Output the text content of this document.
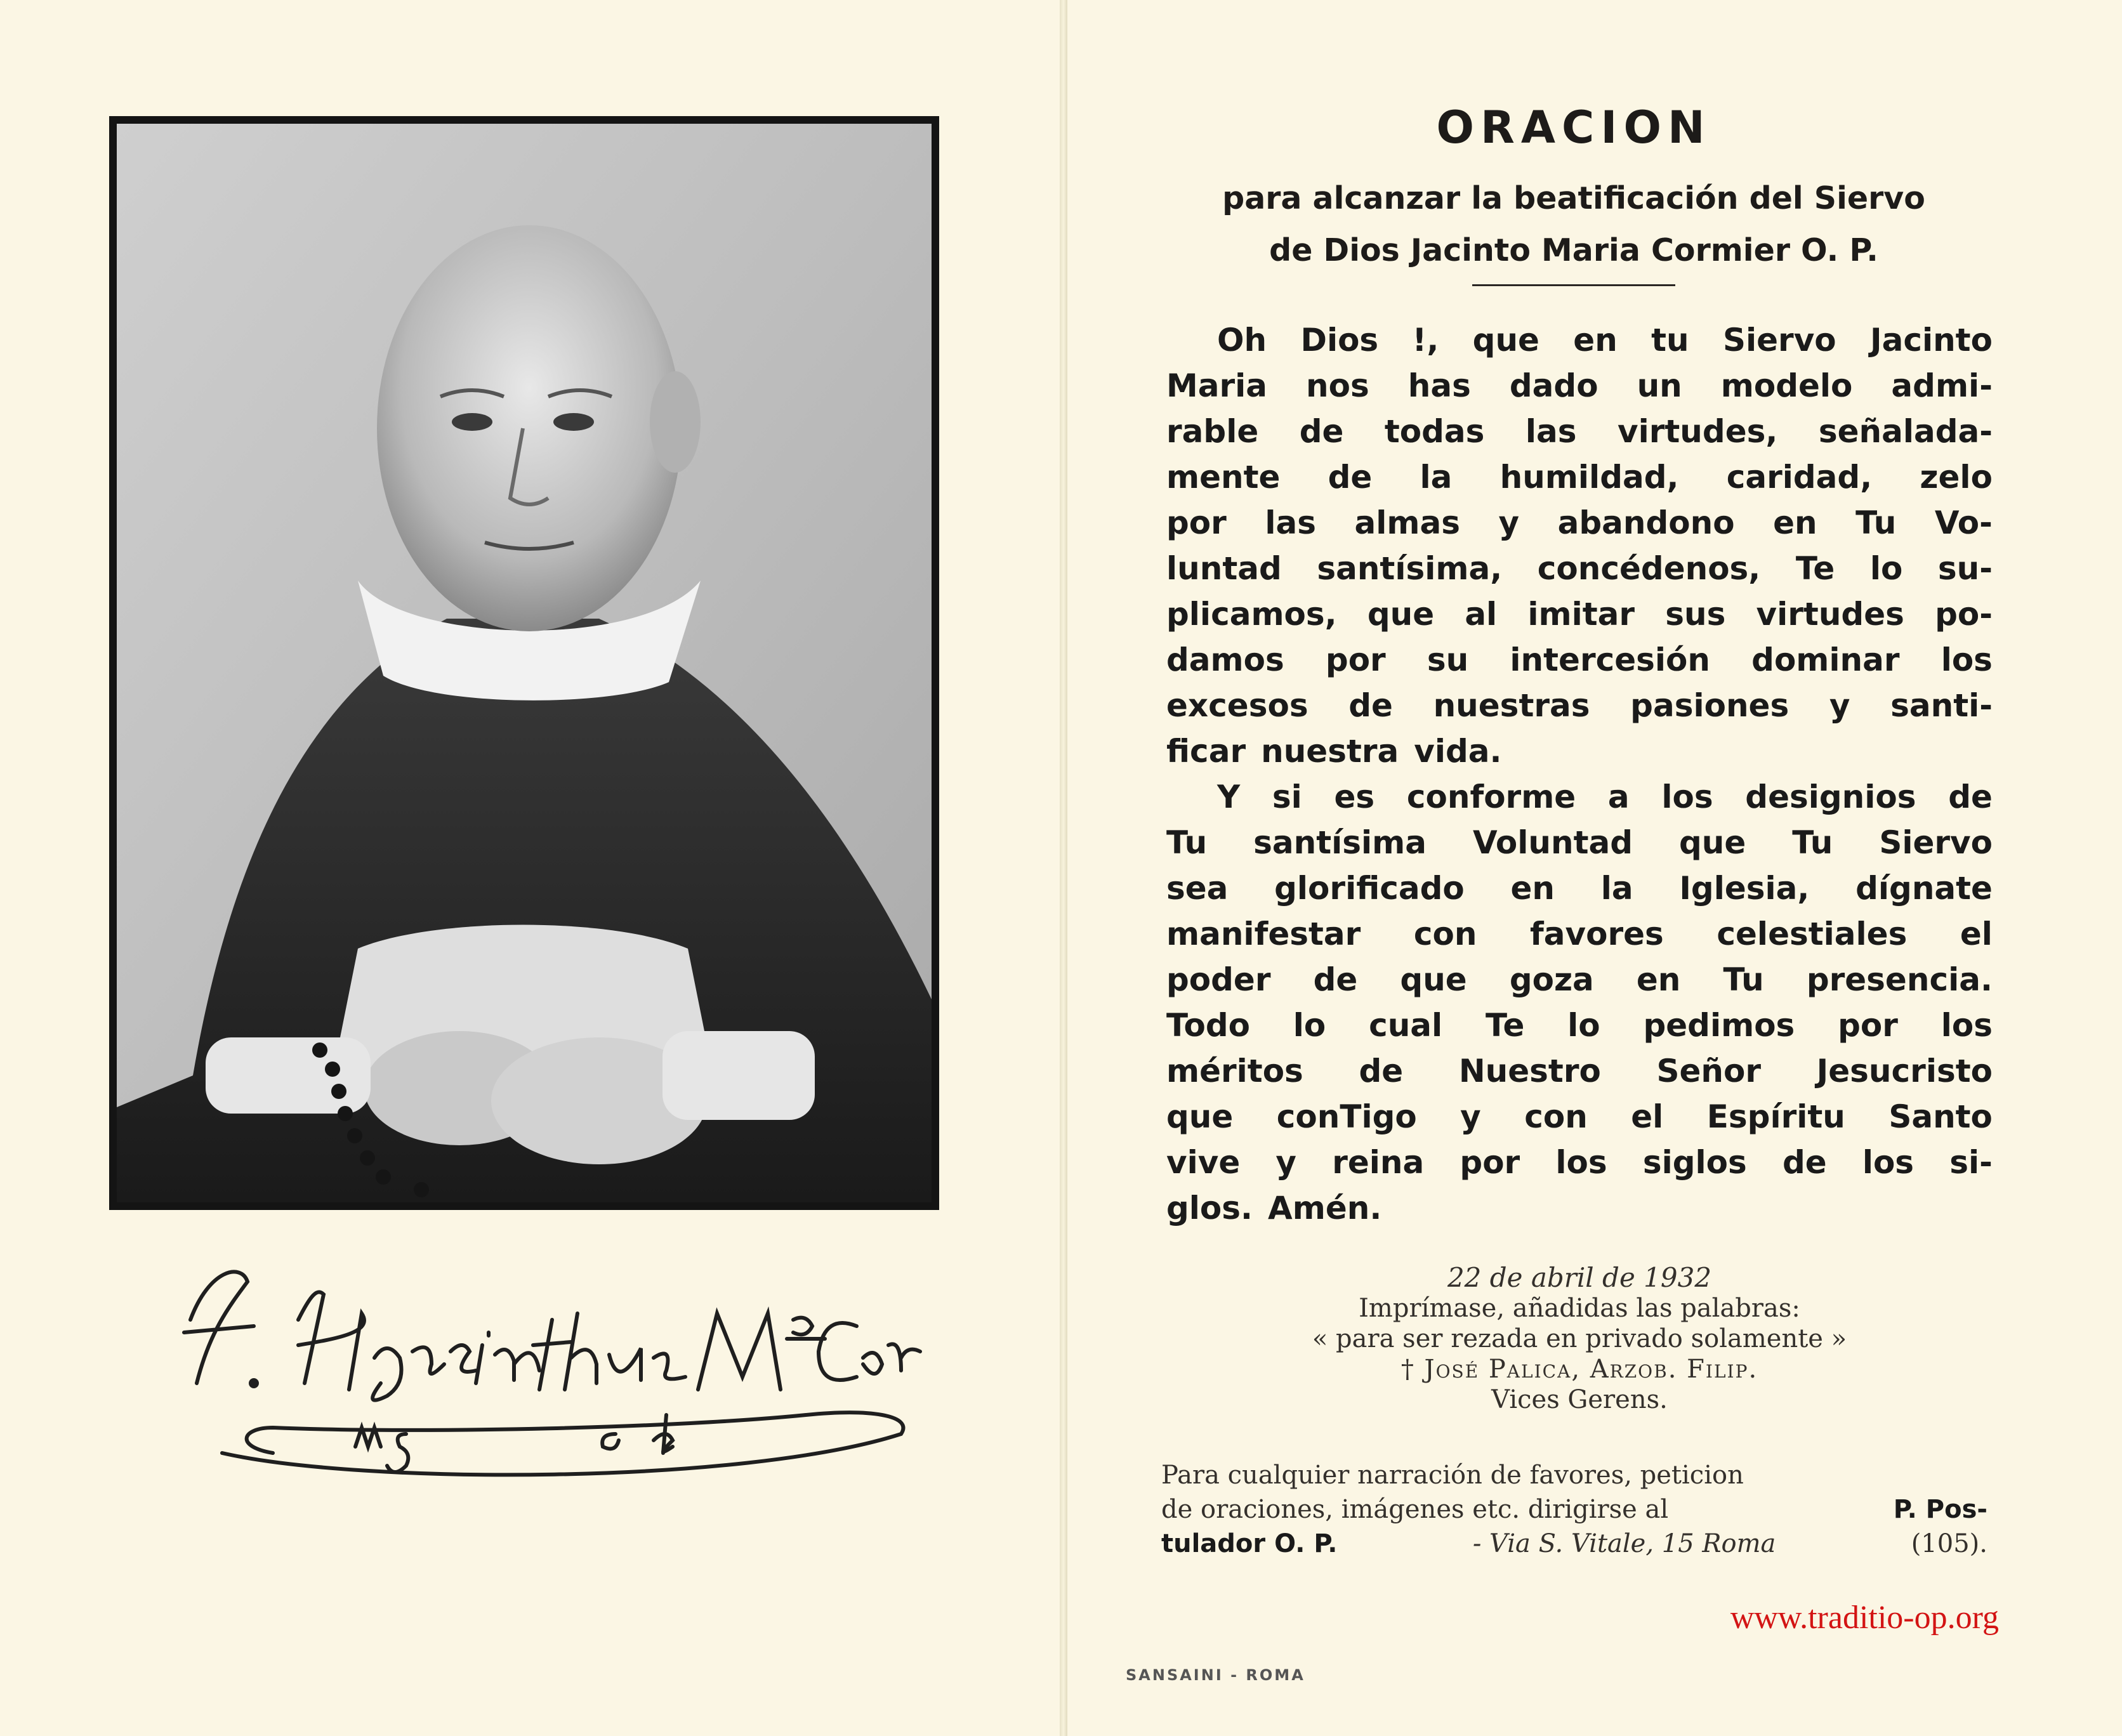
ORACION
para alcanzar la beatificación del Siervo
de Dios Jacinto Maria Cormier O. P.
Oh Dios !, que en tu Siervo Jacinto
Maria nos has dado un modelo admi-
rable de todas las virtudes, señalada-
mente de la humildad, caridad, zelo
por las almas y abandono en Tu Vo-
luntad santísima, concédenos, Te lo su-
plicamos, que al imitar sus virtudes po-
damos por su intercesión dominar los
excesos de nuestras pasiones y santi-
ficar nuestra vida.
Y si es conforme a los designios de
Tu santísima Voluntad que Tu Siervo
sea glorificado en la Iglesia, dígnate
manifestar con favores celestiales el
poder de que goza en Tu presencia.
Todo lo cual Te lo pedimos por los
méritos de Nuestro Señor Jesucristo
que conTigo y con el Espíritu Santo
vive y reina por los siglos de los si-
glos. Amén.
22 de abril de 1932
Imprímase, añadidas las palabras:
« para ser rezada en privado solamente »
† José Palica, Arzob. Filip.
Vices Gerens.
Para cualquier narración de favores, peticion
de oraciones, imágenes etc. dirigirse al	P. Pos-
tulador O. P.	- Via S. Vitale, 15 Roma	(105).
www.traditio-op.org
SANSAINI - ROMA
